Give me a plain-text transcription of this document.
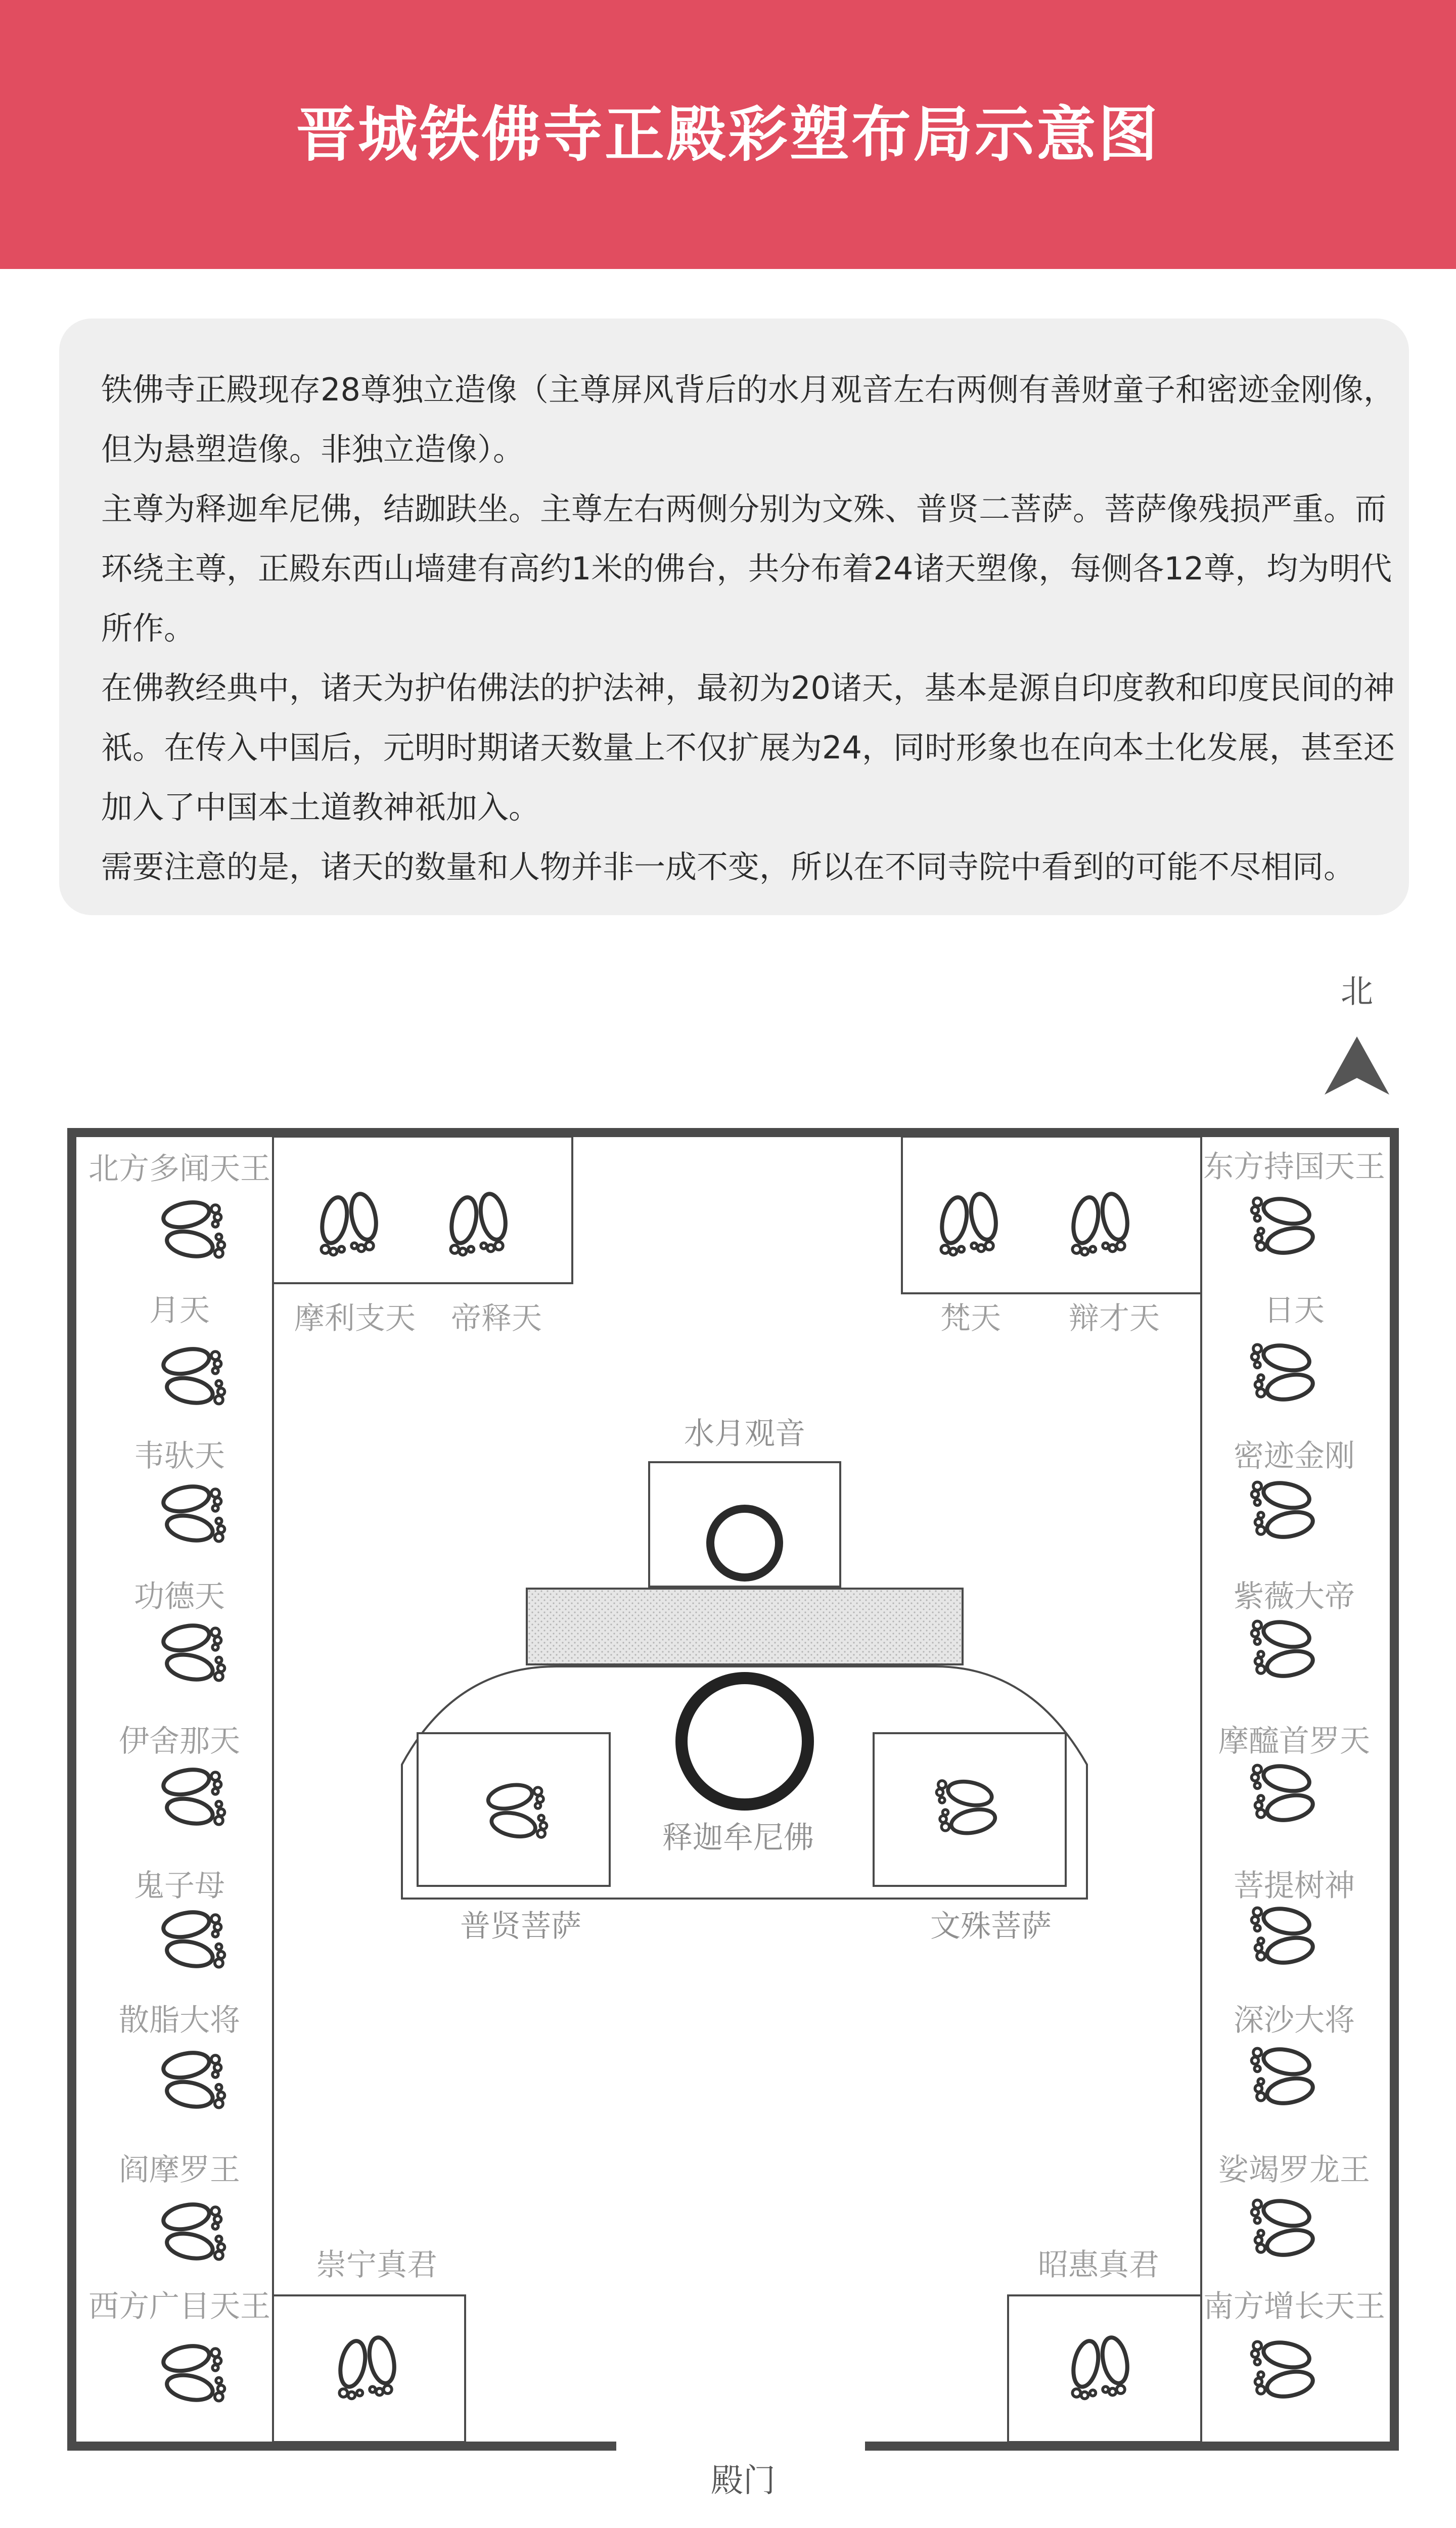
晋城铁佛寺正殿彩塑布局示意图

铁佛寺正殿现存28尊独立造像（主尊屏风背后的水月观音左右两侧有善财童子和密迹金刚像，但为悬塑造像。非独立造像）。

主尊为释迦牟尼佛，结跏趺坐。主尊左右两侧分别为文殊、普贤二菩萨。菩萨像残损严重。而环绕主尊，正殿东西山墙建有高约1米的佛台，共分布着24诸天塑像，每侧各12尊，均为明代所作。

在佛教经典中，诸天为护佑佛法的护法神，最初为20诸天，基本是源自印度教和印度民间的神祇。在传入中国后，元明时期诸天数量上不仅扩展为24，同时形象也在向本土化发展，甚至还加入了中国本土道教神祇加入。

需要注意的是，诸天的数量和人物并非一成不变，所以在不同寺院中看到的可能不尽相同。

北
殿门
北方多闻天王
月天
韦驮天
功德天
伊舍那天
鬼子母
散脂大将
阎摩罗王
西方广目天王
东方持国天王
日天
密迹金刚
紫薇大帝
摩醯首罗天
菩提树神
深沙大将
娑竭罗龙王
南方增长天王
摩利支天 帝释天	梵天 辩才天
崇宁真君	昭惠真君
水月观音
释迦牟尼佛
普贤菩萨	文殊菩萨
